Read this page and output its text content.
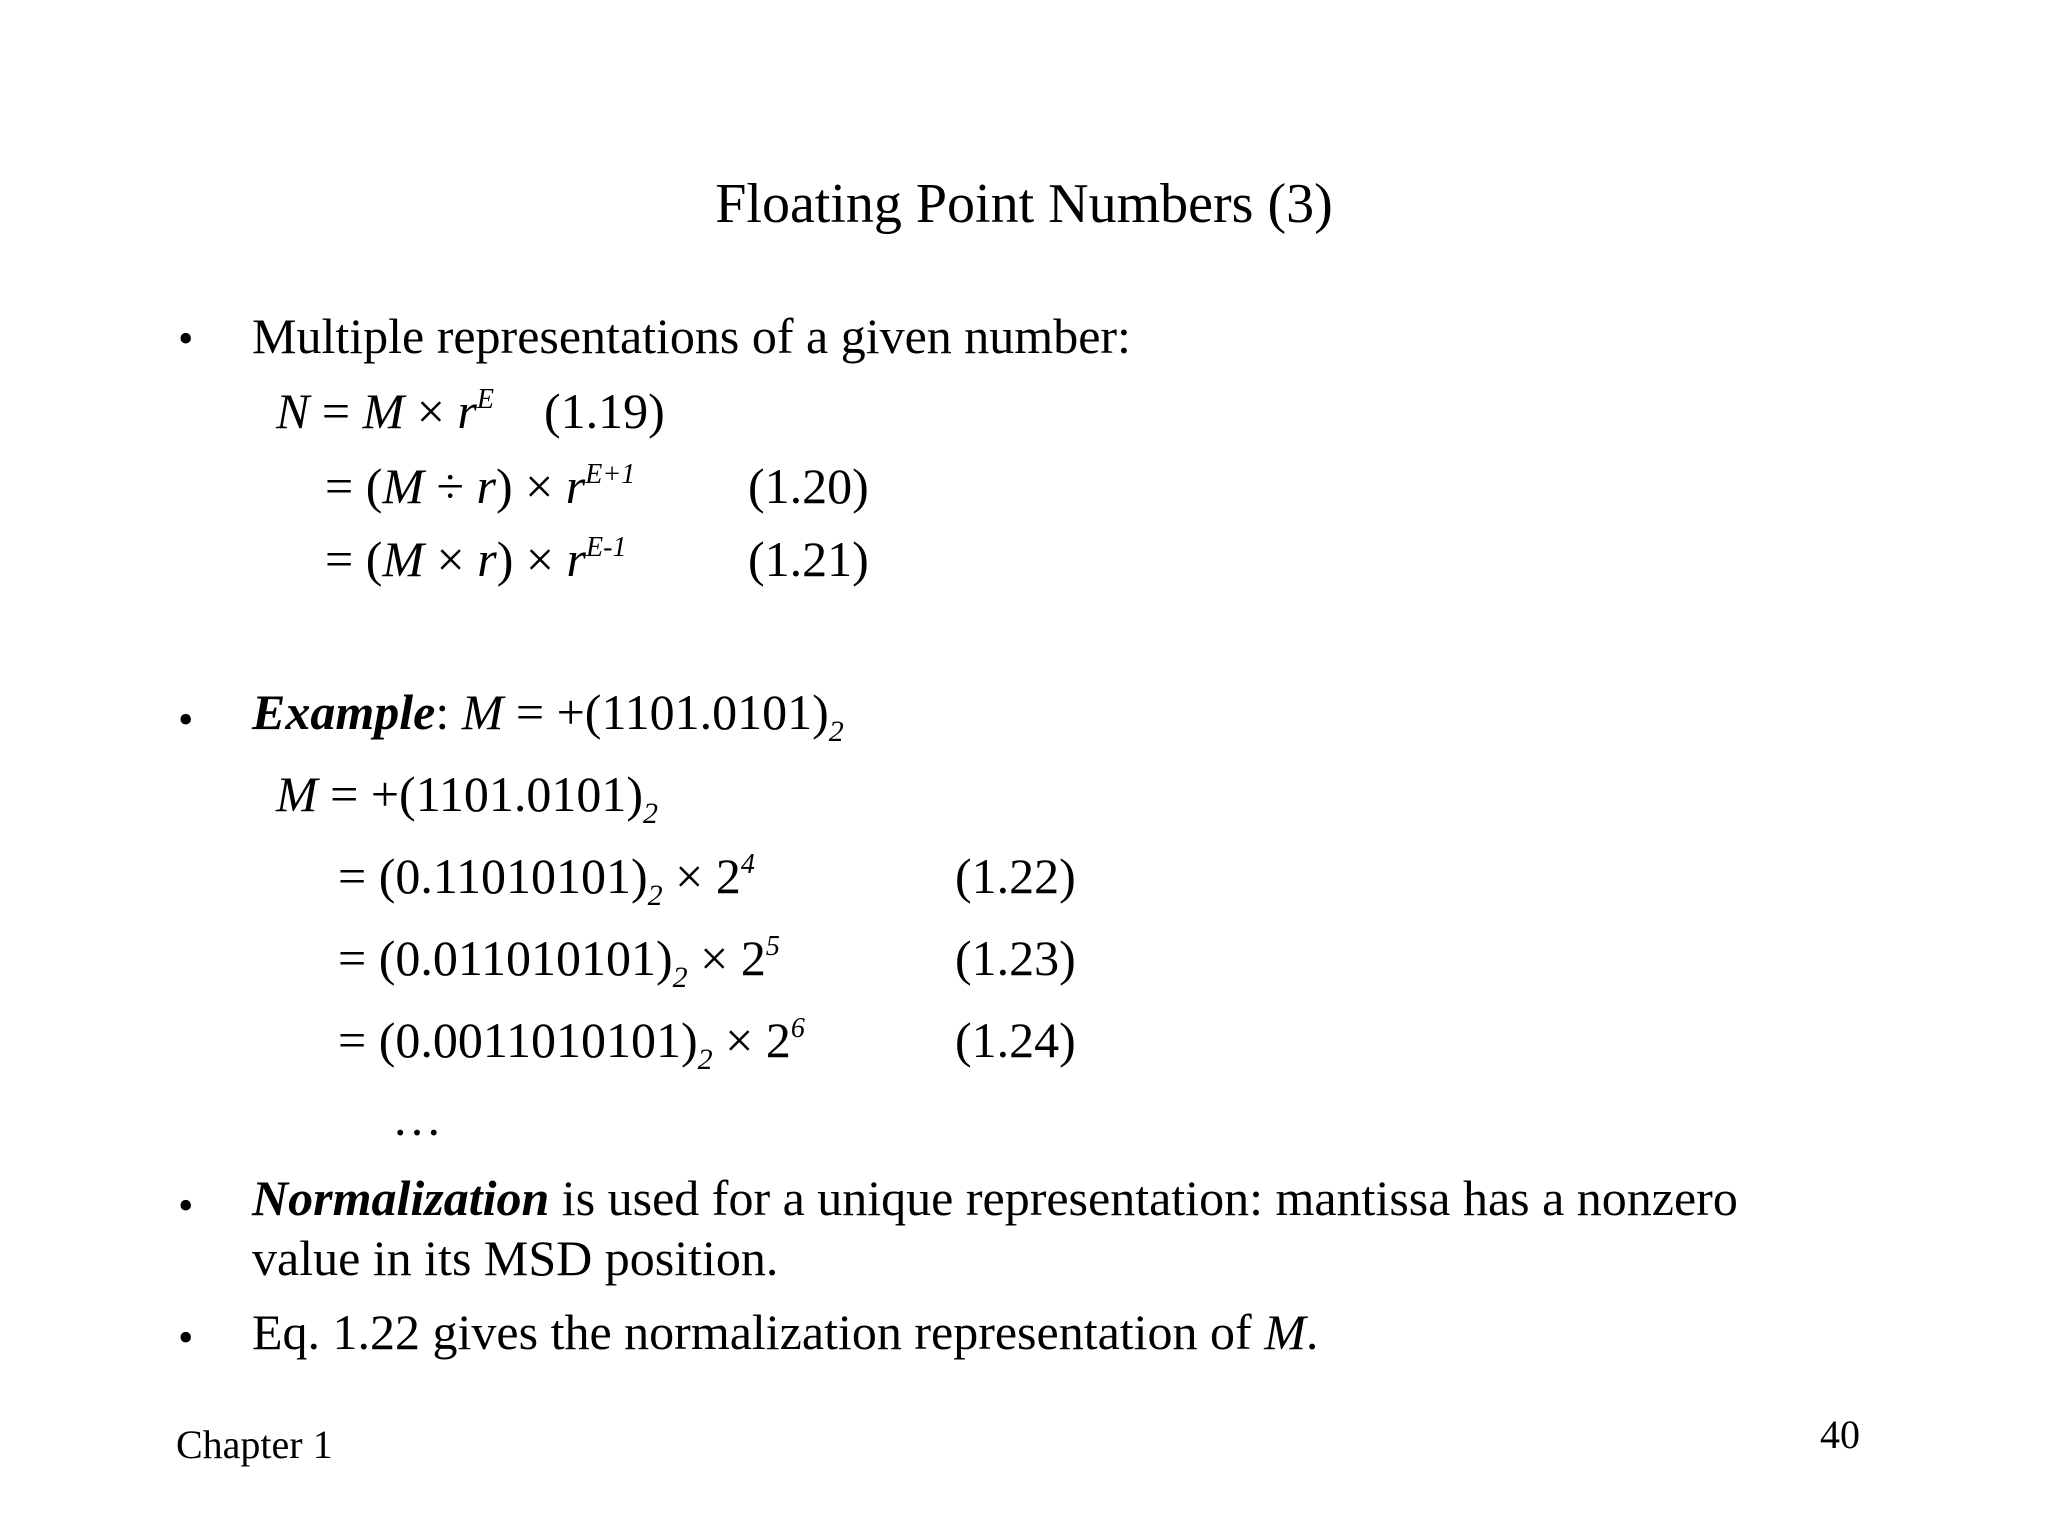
Floating Point Numbers (3)
• Multiple representations of a given number:
$N = M \times r^E$ (1.19)
= $(M \div r) \times r^{E+1}$ (1.20)
= $(M \times r) \times r^{E-1}$ (1.21)
• Example: $M = +(1101.0101)_2$
$M = +(1101.0101)_2$
= $(0.11010101)_2 \times 2^4$	(1.22)
= $(0.011010101)_2 \times 2^5$	(1.23)
= $(0.0011010101)_2 \times 2^6$	(1.24)
…
• Normalization is used for a unique representation: mantissa has a nonzero
value in its MSD position.
• Eq. 1.22 gives the normalization representation of M.
Chapter 1	40
